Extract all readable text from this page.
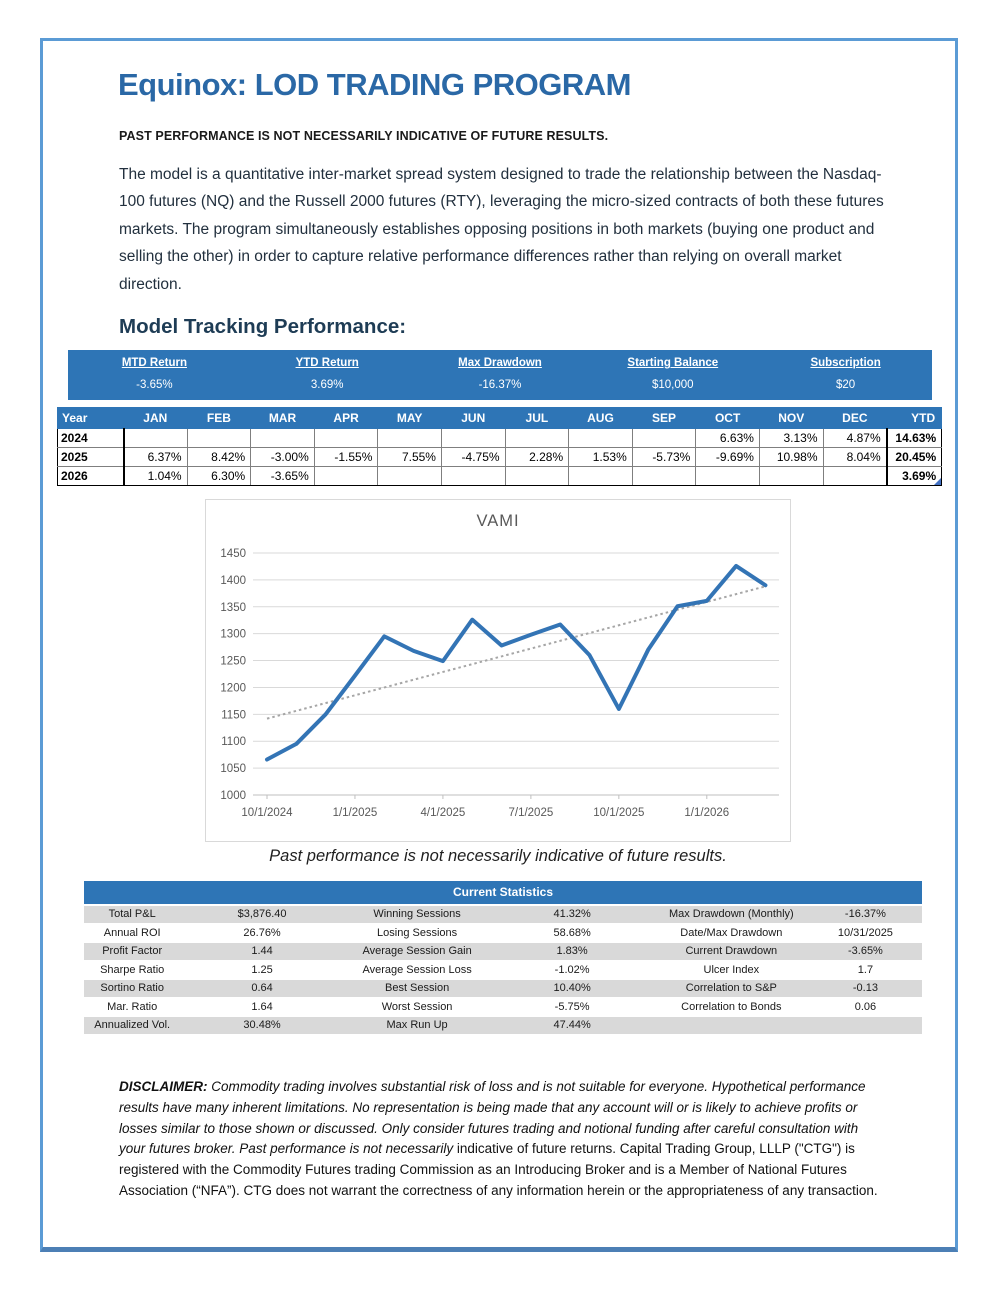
Equinox: LOD TRADING PROGRAM
PAST PERFORMANCE IS NOT NECESSARILY INDICATIVE OF FUTURE RESULTS.
The model is a quantitative inter-market spread system designed to trade the relationship between the Nasdaq-100 futures (NQ) and the Russell 2000 futures (RTY), leveraging the micro-sized contracts of both these futures markets. The program simultaneously establishes opposing positions in both markets (buying one product and selling the other) in order to capture relative performance differences rather than relying on overall market direction.
Model Tracking Performance:
MTD Return
-3.65%
YTD Return
3.69%
Max Drawdown
-16.37%
Starting Balance
$10,000
Subscription
$20
Year	JAN	FEB	MAR	APR	MAY	JUN	JUL	AUG	SEP	OCT	NOV	DEC	YTD
2024										6.63%	3.13%	4.87%	14.63%
2025	6.37%	8.42%	-3.00%	-1.55%	7.55%	-4.75%	2.28%	1.53%	-5.73%	-9.69%	10.98%	8.04%	20.45%
2026	1.04%	6.30%	-3.65%										3.69%
VAMI
1000
1050
1100
1150
1200
1250
1300
1350
1400
1450
10/1/2024	1/1/2025	4/1/2025	7/1/2025	10/1/2025	1/1/2026
Past performance is not necessarily indicative of future results.
Current Statistics
Total P&L	$3,876.40	Winning Sessions	41.32%	Max Drawdown (Monthly)	-16.37%
Annual ROI	26.76%	Losing Sessions	58.68%	Date/Max Drawdown	10/31/2025
Profit Factor	1.44	Average Session Gain	1.83%	Current Drawdown	-3.65%
Sharpe Ratio	1.25	Average Session Loss	-1.02%	Ulcer Index	1.7
Sortino Ratio	0.64	Best Session	10.40%	Correlation to S&P	-0.13
Mar. Ratio	1.64	Worst Session	-5.75%	Correlation to Bonds	0.06
Annualized Vol.	30.48%	Max Run Up	47.44%		
DISCLAIMER: Commodity trading involves substantial risk of loss and is not suitable for everyone. Hypothetical performance results have many inherent limitations. No representation is being made that any account will or is likely to achieve profits or losses similar to those shown or discussed. Only consider futures trading and notional funding after careful consultation with your futures broker. Past performance is not necessarily indicative of future returns. Capital Trading Group, LLLP ("CTG") is registered with the Commodity Futures trading Commission as an Introducing Broker and is a Member of National Futures Association (“NFA”). CTG does not warrant the correctness of any information herein or the appropriateness of any transaction.
